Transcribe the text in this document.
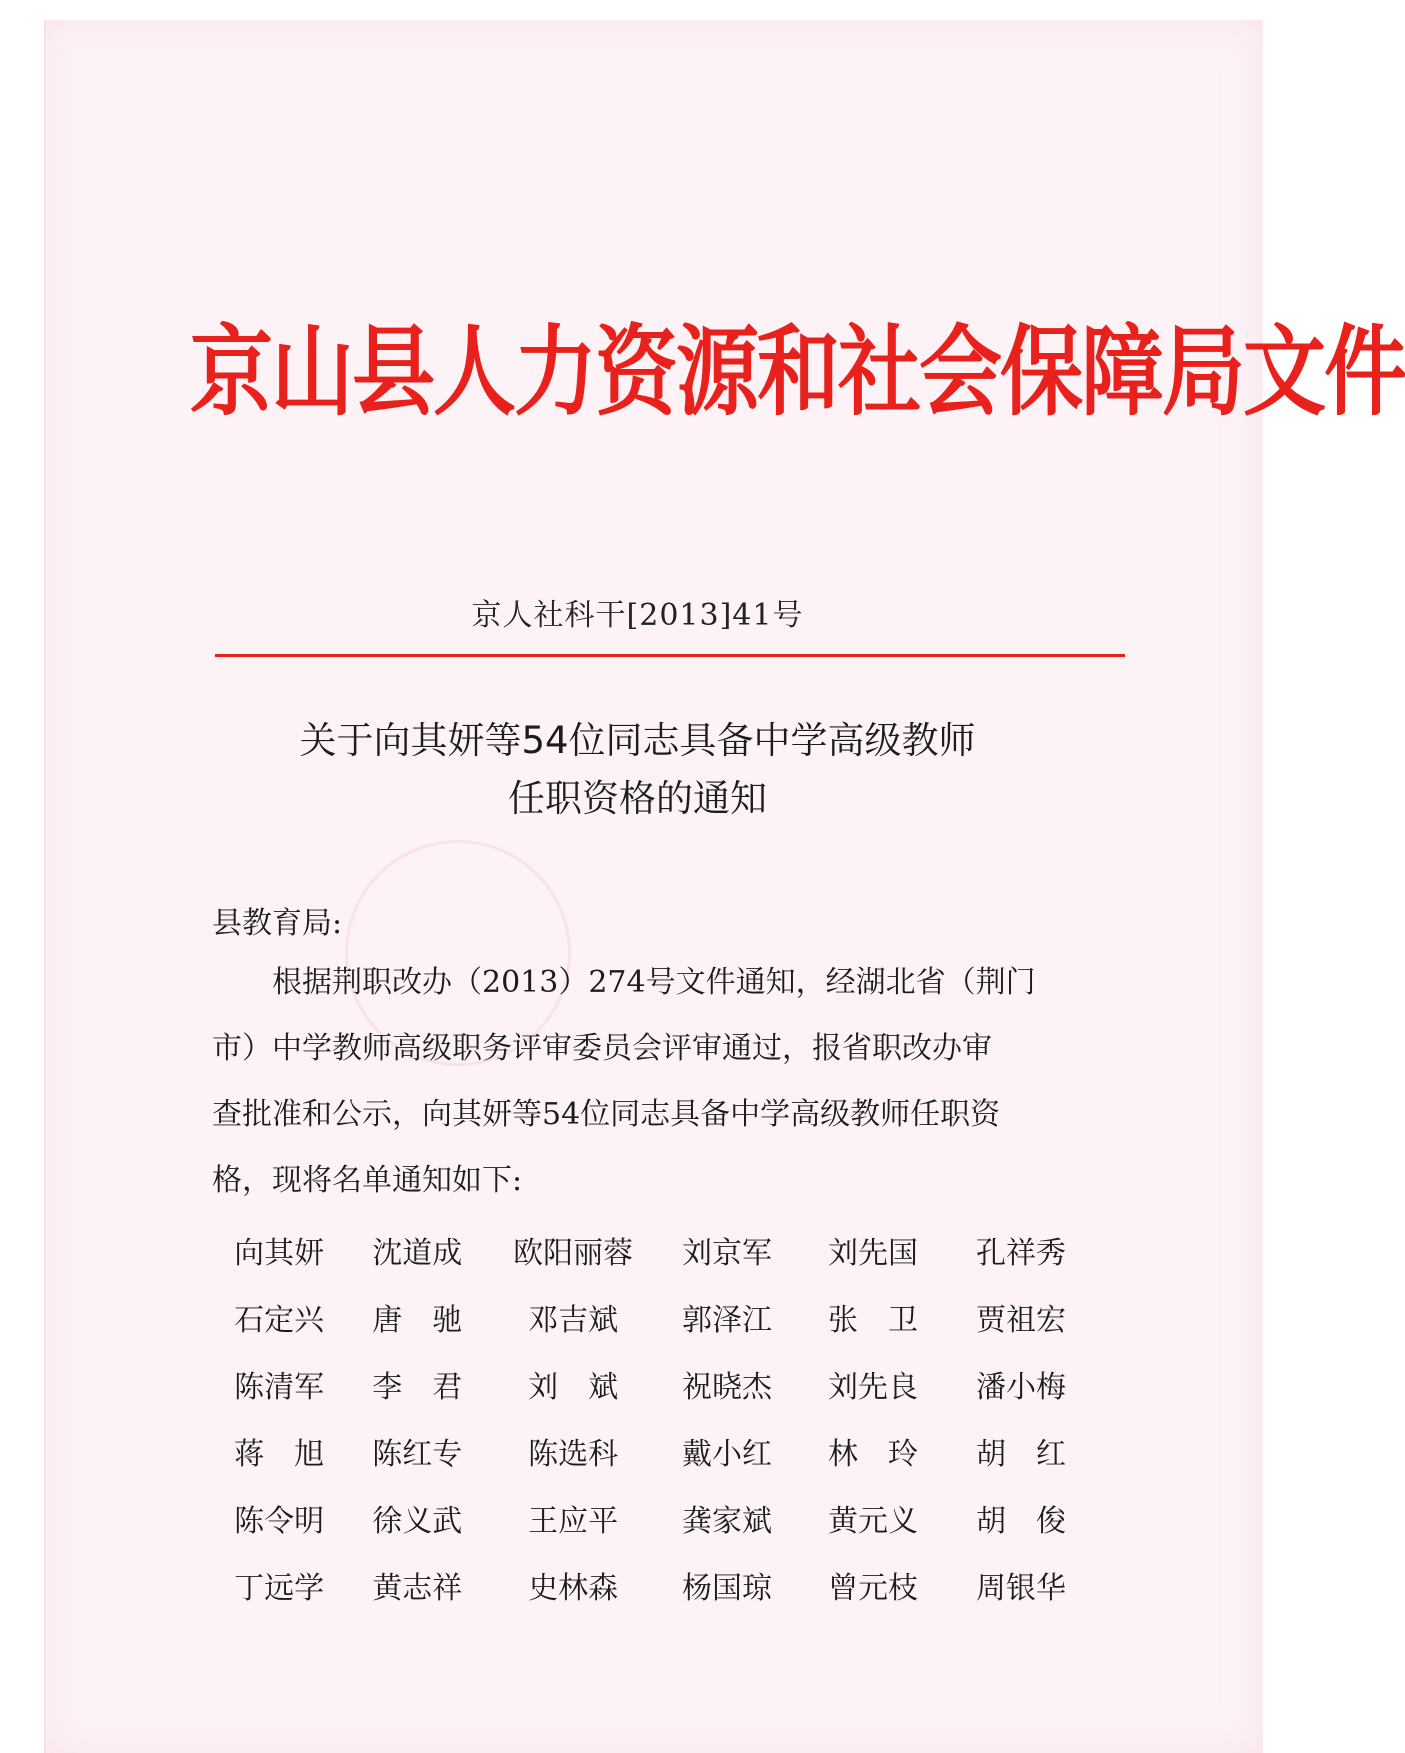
京山县人力资源和社会保障局文件
京人社科干[2013]41号
关于向其妍等54位同志具备中学高级教师
任职资格的通知
县教育局:
根据荆职改办（2013）274号文件通知，经湖北省（荆门
市）中学教师高级职务评审委员会评审通过，报省职改办审
查批准和公示，向其妍等54位同志具备中学高级教师任职资
格，现将名单通知如下:
向其妍	沈道成	欧阳丽蓉	刘京军	刘先国	孔祥秀
石定兴	唐　驰	邓吉斌	郭泽江	张　卫	贾祖宏
陈清军	李　君	刘　斌	祝晓杰	刘先良	潘小梅
蒋　旭	陈红专	陈选科	戴小红	林　玲	胡　红
陈令明	徐义武	王应平	龚家斌	黄元义	胡　俊
丁远学	黄志祥	史林森	杨国琼	曾元枝	周银华
